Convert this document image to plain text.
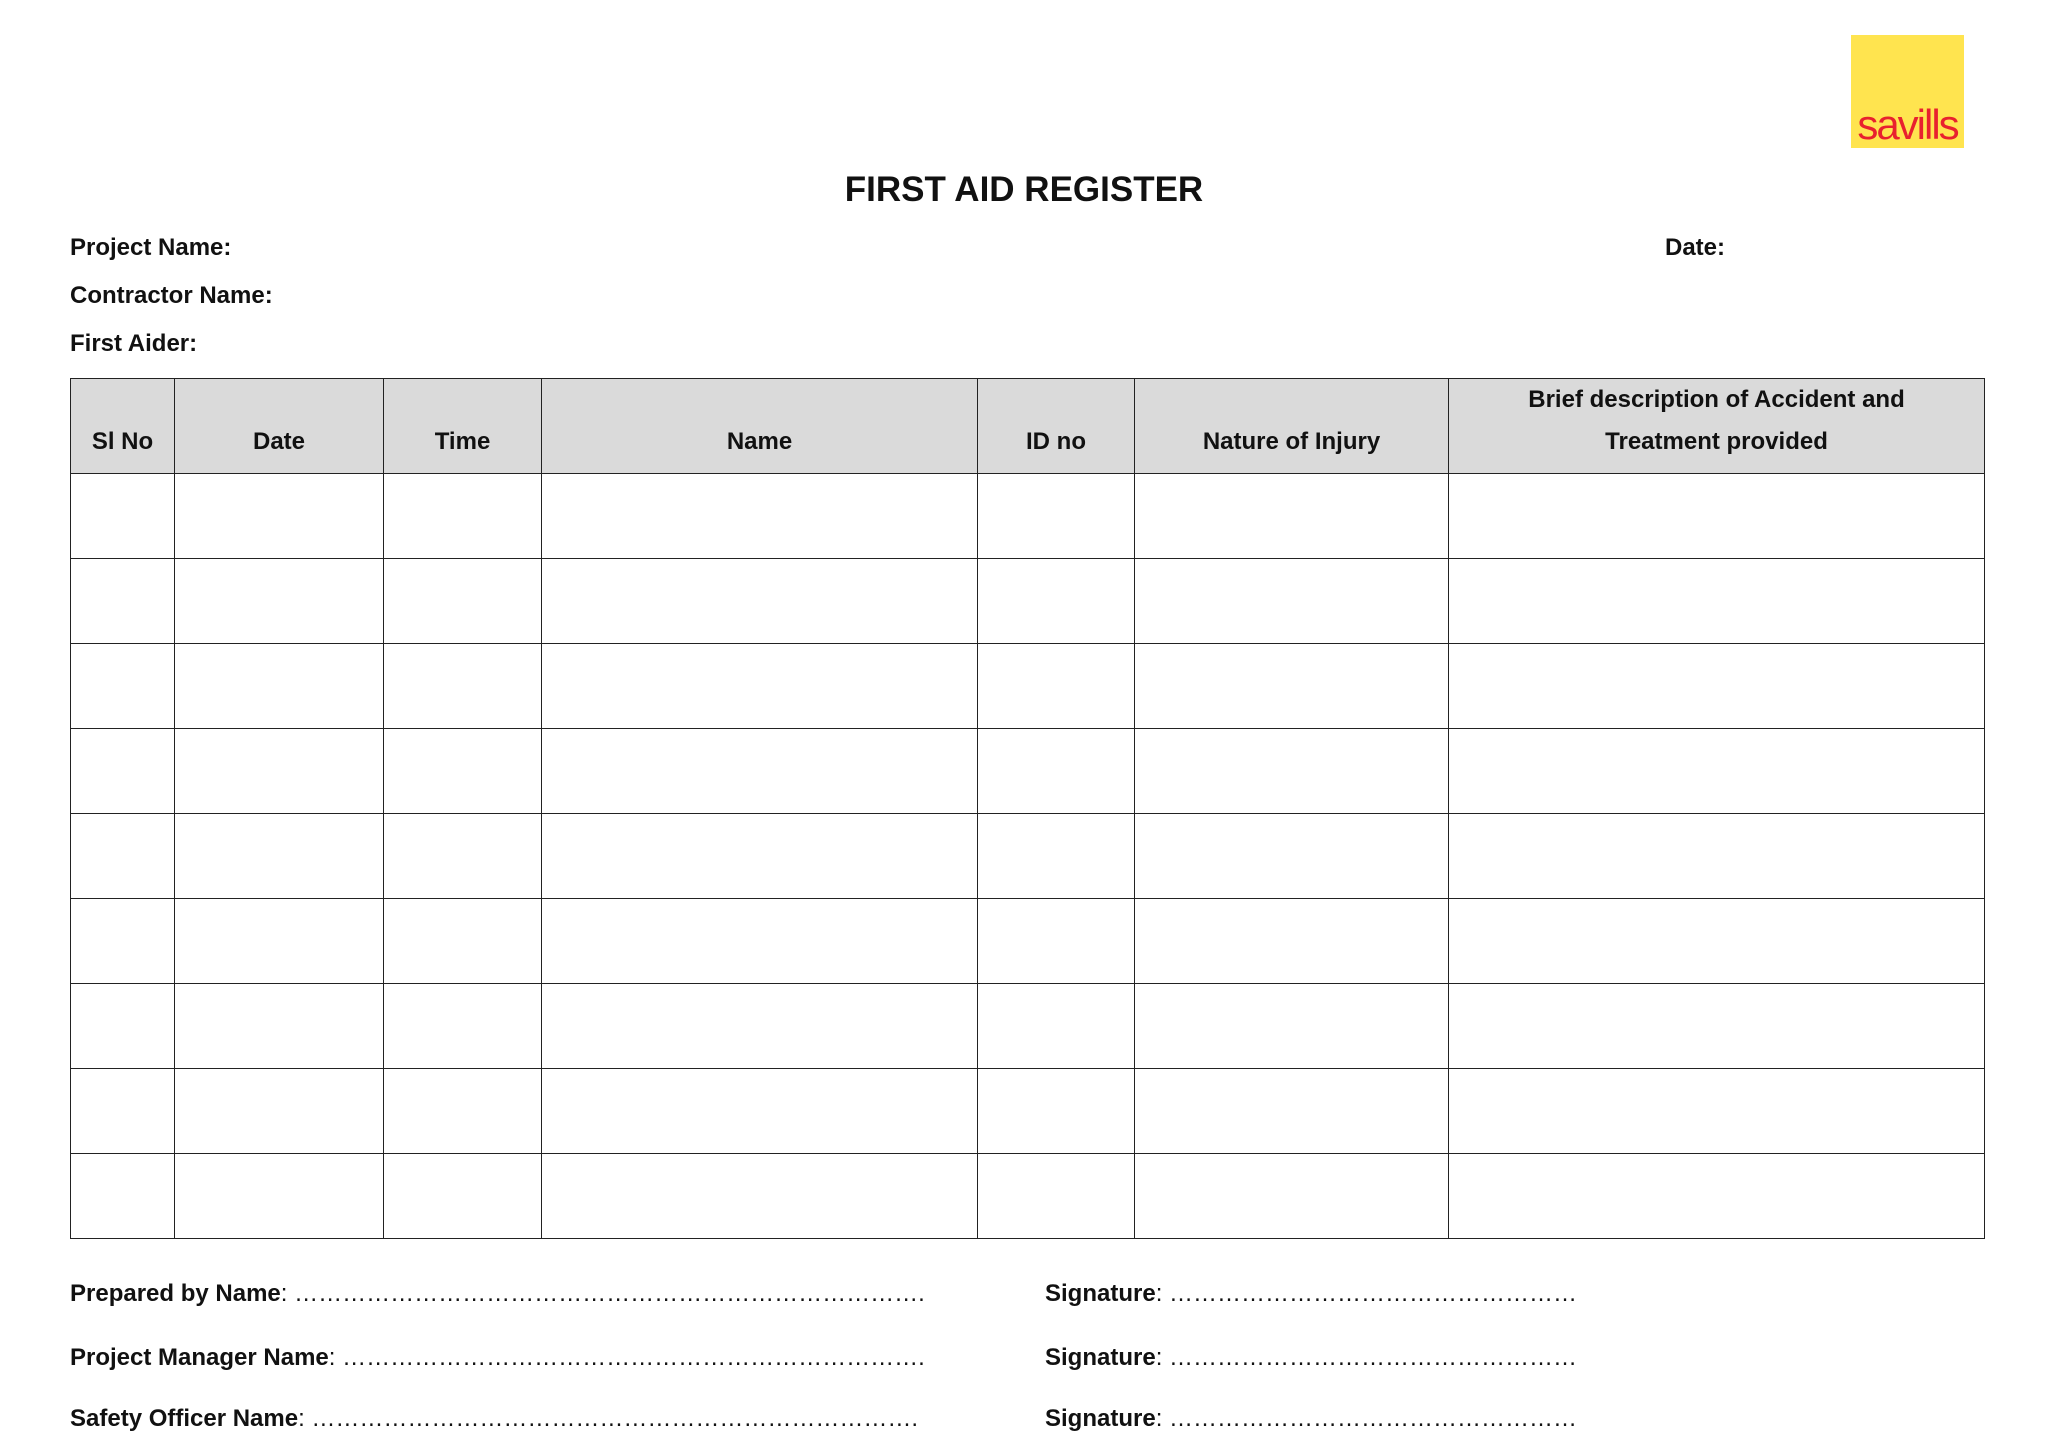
savills
FIRST AID REGISTER
Project Name:	Date:
Contractor Name:
First Aider:
Sl No	Date	Time	Name	ID no	Nature of Injury	Brief description of Accident and Treatment provided

Prepared by Name: …………………………………………………………………….	Signature: ……………………………………………
Project Manager Name: ……………………………………………………………….	Signature: ……………………………………………
Safety Officer Name: ………………………………………………………………….	Signature: ……………………………………………
